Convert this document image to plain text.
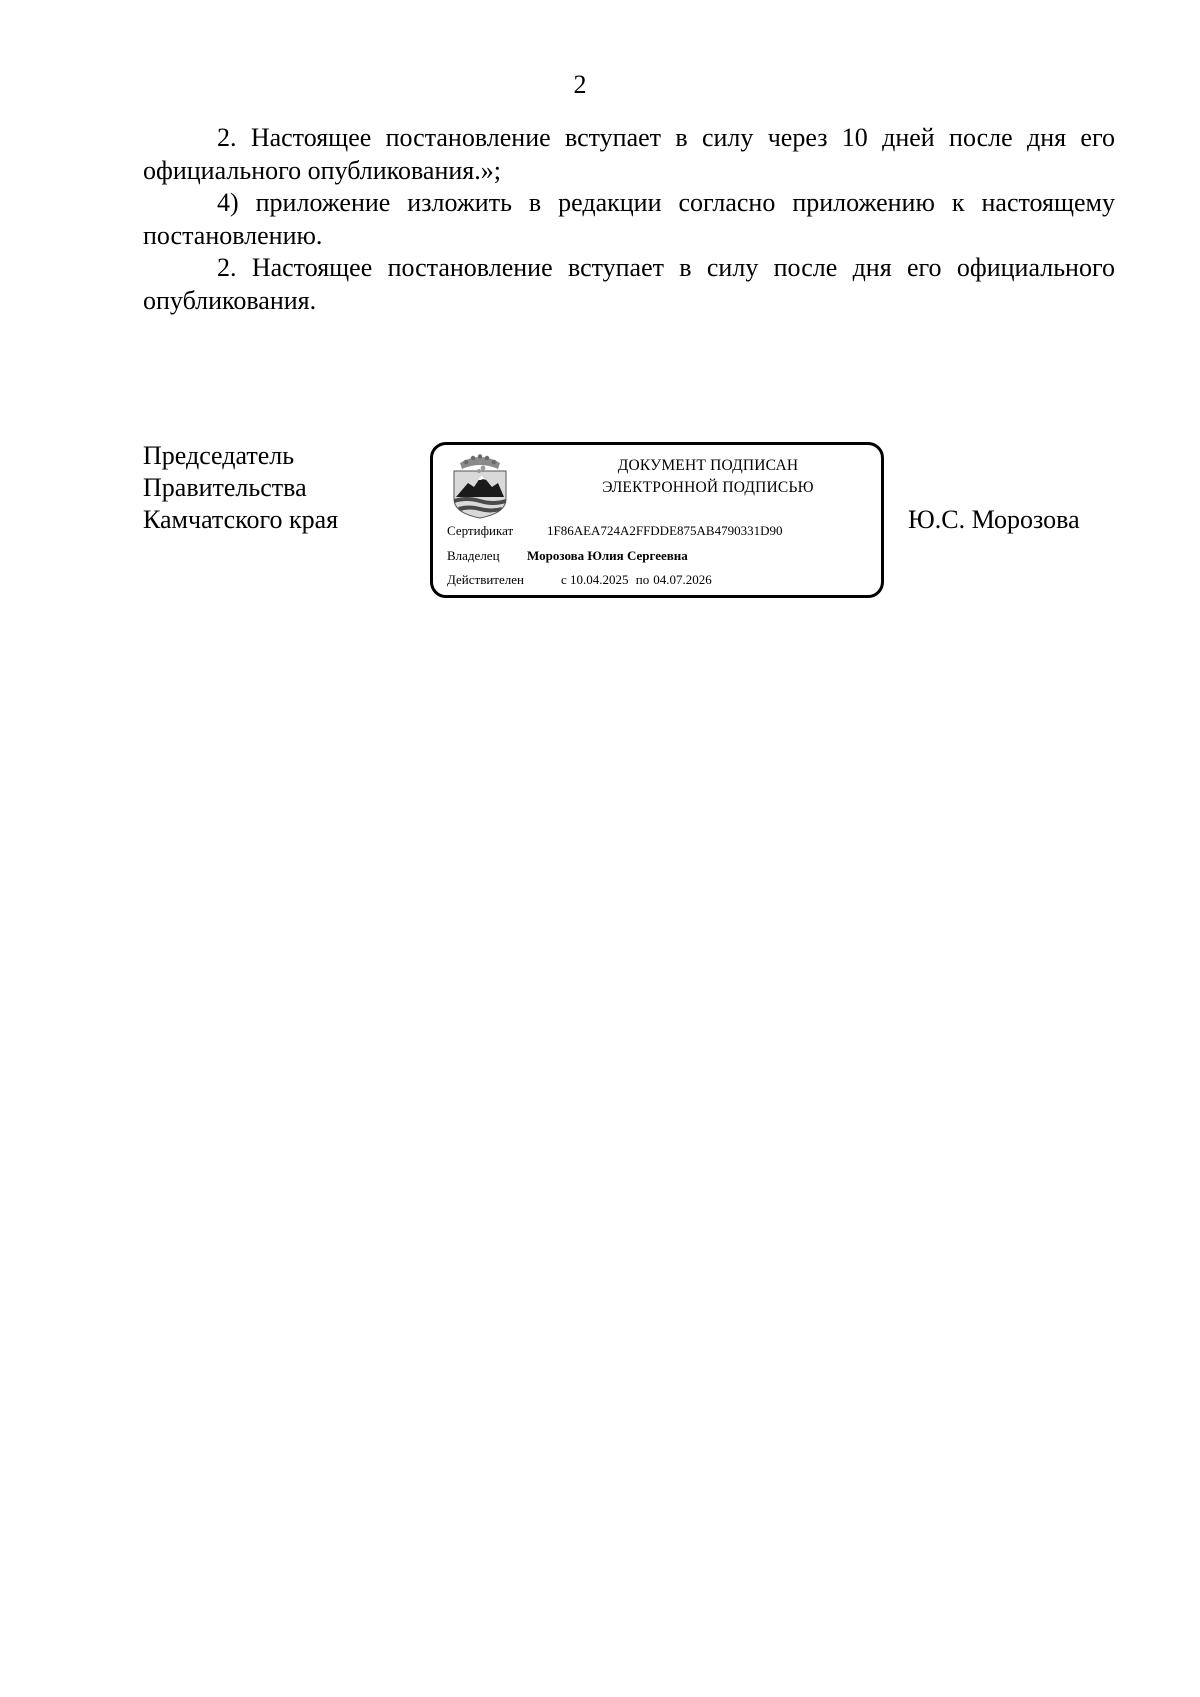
2

2. Настоящее постановление вступает в силу через 10 дней после дня его официального опубликования.»;

4) приложение изложить в редакции согласно приложению к настоящему постановлению.

2. Настоящее постановление вступает в силу после дня его официального опубликования.

Председатель
Правительства
Камчатского края
ДОКУМЕНТ ПОДПИСАН
ЭЛЕКТРОННОЙ ПОДПИСЬЮ
Сертификат	1F86AEA724A2FFDDE875AB4790331D90
Владелец Морозова Юлия Сергеевна
Действителен	с 10.04.2025 по 04.07.2026
Ю.С. Морозова
